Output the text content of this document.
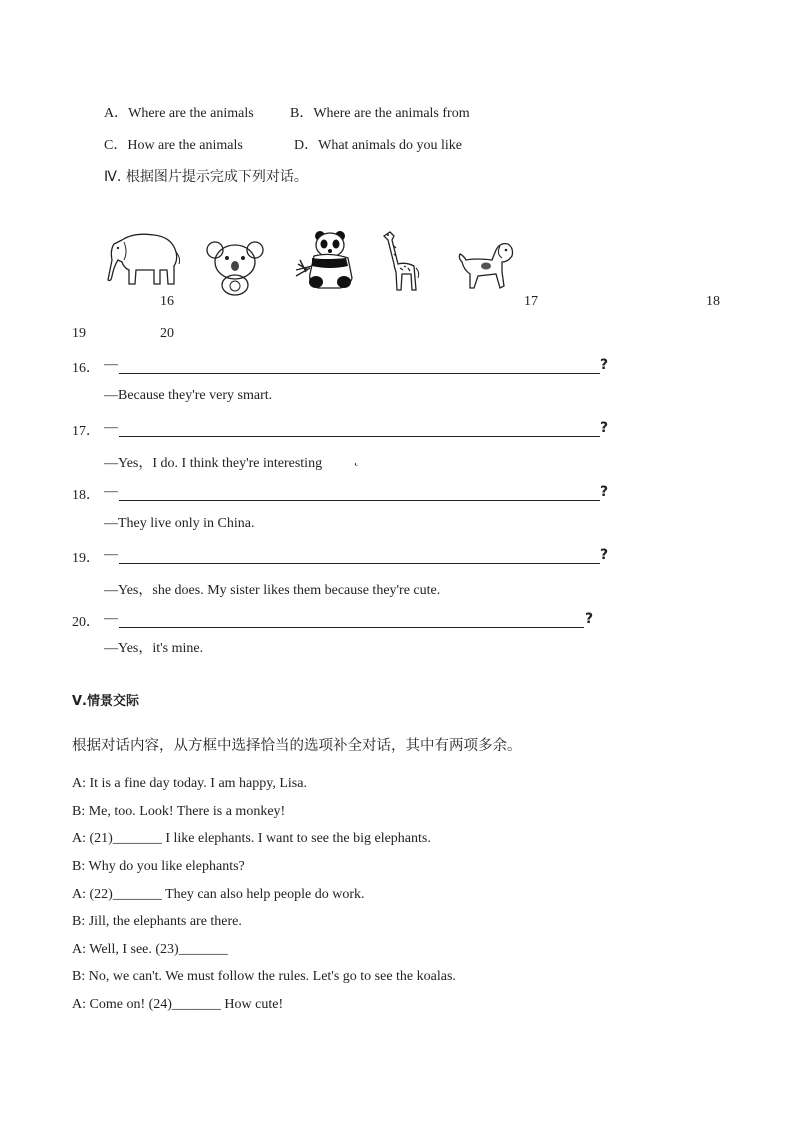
A．Where are the animals	B．Where are the animals from
C．How are the animals	D．What animals do you like
Ⅳ. 根据图片提示完成下列对话。
16	17	18
19	20
16． —	?
—Because they're very smart.
17． —	?
—Yes，I do. I think they're interesting ˛
18． —	?
—They live only in China.
19． —	?
—Yes，she does. My sister likes them because they're cute.
20． —	?
—Yes，it's mine.
Ⅴ.情景交际
根据对话内容，从方框中选择恰当的选项补全对话，其中有两项多余。
A: It is a fine day today. I am happy, Lisa.
B: Me, too. Look! There is a monkey!
A: (21)_______ I like elephants. I want to see the big elephants.
B: Why do you like elephants?
A: (22)_______ They can also help people do work.
B: Jill, the elephants are there.
A: Well, I see. (23)_______
B: No, we can't. We must follow the rules. Let's go to see the koalas.
A: Come on! (24)_______ How cute!
